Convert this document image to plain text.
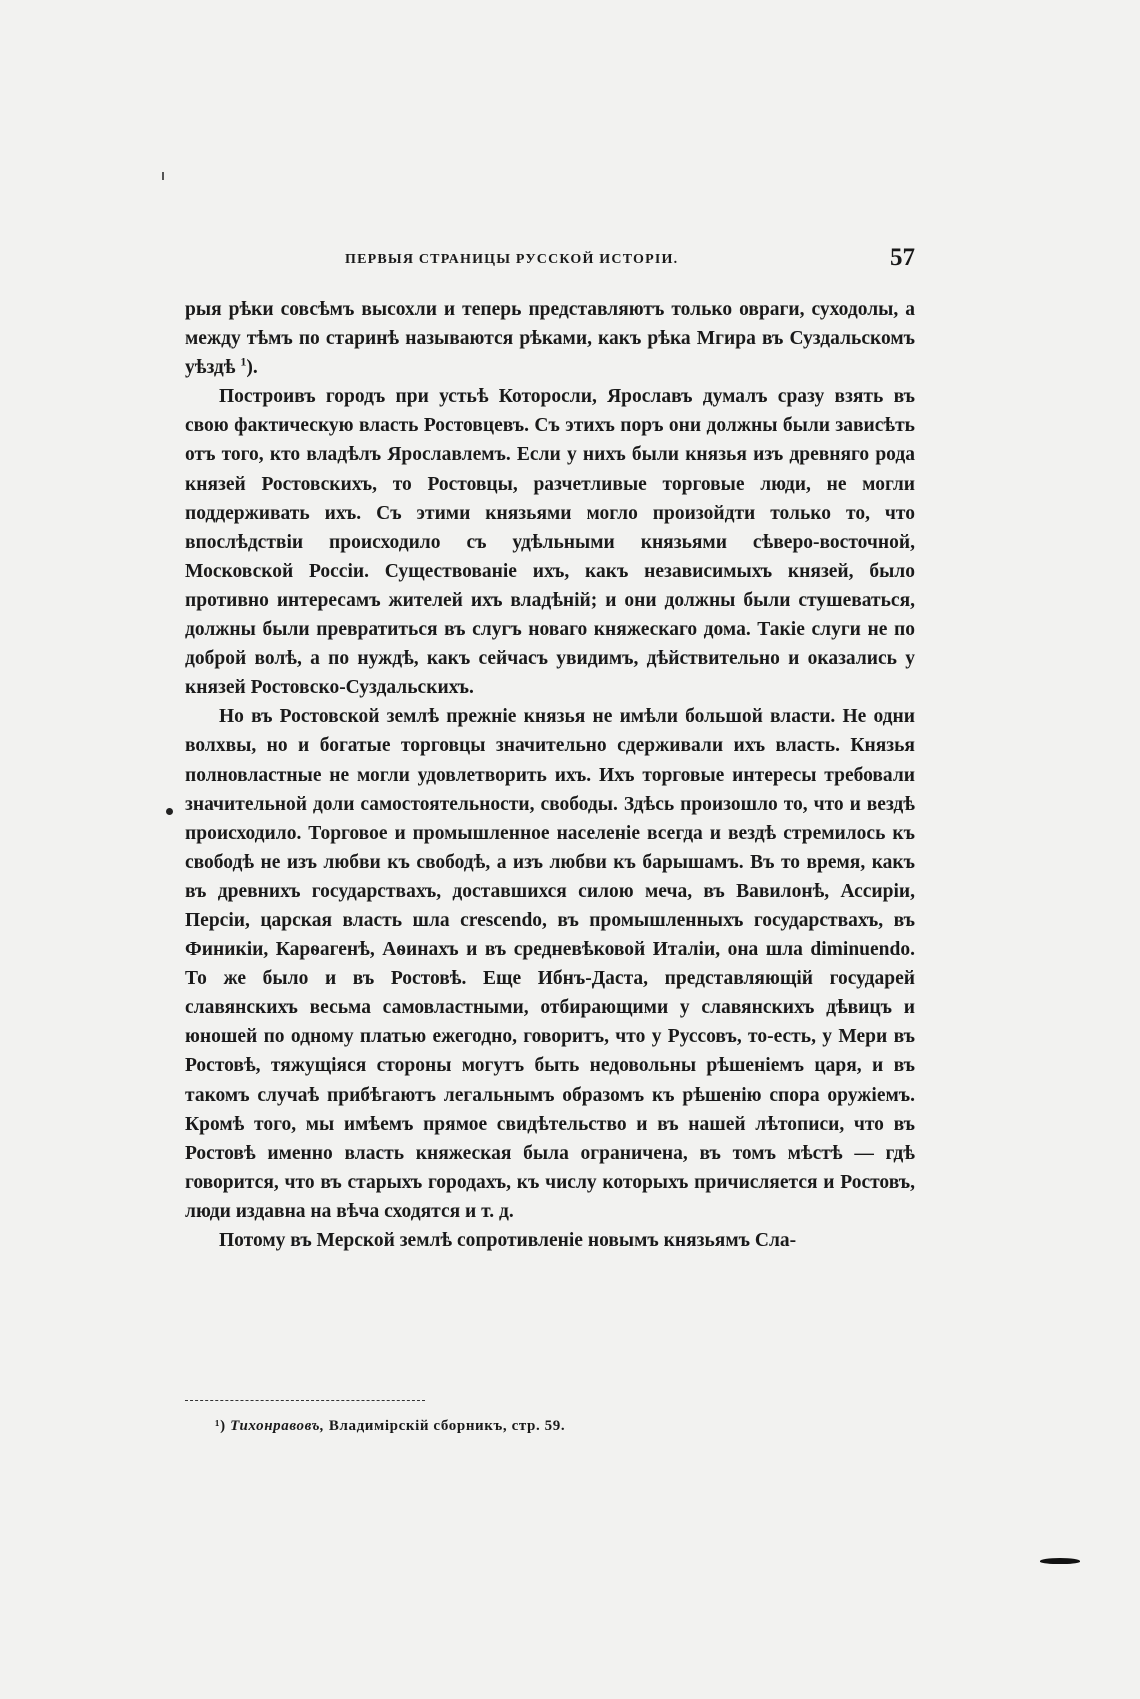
ПЕРВЫЯ СТРАНИЦЫ РУССКОЙ ИСТОРІИ.	57

рыя рѣки совсѣмъ высохли и теперь представляютъ только овраги, суходолы, а между тѣмъ по старинѣ называются рѣками, какъ рѣка Мгира въ Суздальскомъ уѣздѣ $^1$).

Построивъ городъ при устьѣ Которосли, Ярославъ думалъ сразу взять въ свою фактическую власть Ростовцевъ. Съ этихъ поръ они должны были зависѣть отъ того, кто владѣлъ Ярославлемъ. Если у нихъ были князья изъ древняго рода князей Ростовскихъ, то Ростовцы, разчетливые торговые люди, не могли поддерживать ихъ. Съ этими князьями могло произойдти только то, что впослѣдствіи происходило съ удѣльными князьями сѣверо-восточной, Московской Россіи. Существованіе ихъ, какъ независимыхъ князей, было противно интересамъ жителей ихъ владѣній; и они должны были стушеваться, должны были превратиться въ слугъ новаго княжескаго дома. Такіе слуги не по доброй волѣ, а по нуждѣ, какъ сейчасъ увидимъ, дѣйствительно и оказались у князей Ростовско-Суздальскихъ.

Но въ Ростовской землѣ прежніе князья не имѣли большой власти. Не одни волхвы, но и богатые торговцы значительно сдерживали ихъ власть. Князья полновластные не могли удовлетворить ихъ. Ихъ торговые интересы требовали значительной доли самостоятельности, свободы. Здѣсь произошло то, что и вездѣ происходило. Торговое и промышленное населеніе всегда и вездѣ стремилось къ свободѣ не изъ любви къ свободѣ, а изъ любви къ барышамъ. Въ то время, какъ въ древнихъ государствахъ, доставшихся силою меча, въ Вавилонѣ, Ассиріи, Персіи, царская власть шла crescendo, въ промышленныхъ государствахъ, въ Финикіи, Карѳагенѣ, Аѳинахъ и въ средневѣковой Италіи, она шла diminuendo. То же было и въ Ростовѣ. Еще Ибнъ-Даста, представляющій государей славянскихъ весьма самовластными, отбирающими у славянскихъ дѣвицъ и юношей по одному платью ежегодно, говоритъ, что у Руссовъ, то-есть, у Мери въ Ростовѣ, тяжущіяся стороны могутъ быть недовольны рѣшеніемъ царя, и въ такомъ случаѣ прибѣгаютъ легальнымъ образомъ къ рѣшенію спора оружіемъ. Кромѣ того, мы имѣемъ прямое свидѣтельство и въ нашей лѣтописи, что въ Ростовѣ именно власть княжеская была ограничена, въ томъ мѣстѣ — гдѣ говорится, что въ старыхъ городахъ, къ числу которыхъ причисляется и Ростовъ, люди издавна на вѣча сходятся и т. д.

Потому въ Мерской землѣ сопротивленіе новымъ князьямъ Сла-

¹) Тихонравовъ, Владимірскій сборникъ, стр. 59.
